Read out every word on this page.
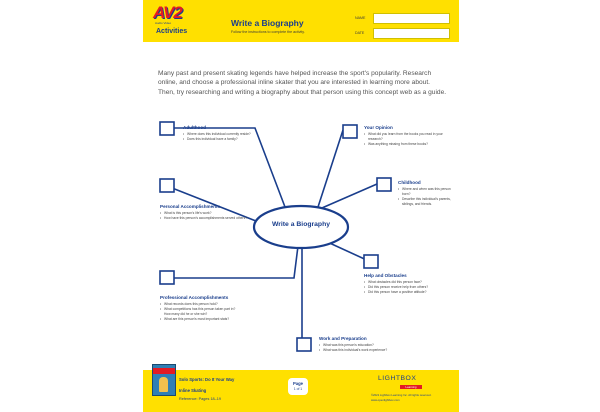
AV2
Audio Video
Activities
Write a Biography
Follow the instructions to complete the activity.
NAME
DATE
Many past and present skating legends have helped increase the sport's popularity. Research online, and choose a professional inline skater that you are interested in learning more about. Then, try researching and writing a biography about that person using this concept web as a guide.
Write a Biography
Adulthood
• Where does this individual currently reside?
• Does this individual have a family?
Your Opinion
• What did you learn from the books you read in your research?
• Was anything missing from these books?
Childhood
• Where and when was this person born?
• Describe this individual's parents, siblings, and friends.
Personal Accomplishments
• What is this person's life's work?
• How have this person's accomplishments served others?
Help and Obstacles
• What obstacles did this person face?
• Did this person receive help from others?
• Did this person have a positive attitude?
Professional Accomplishments
• What records does this person hold?
• What competitions has this person taken part in? How many did he or she win?
• What are this person's most important stats?
Work and Preparation
• What was this person's education?
• What was this individual's work experience?
Solo Sports: Do It Your Way
Inline Skating
Reference: Pages 18–19
Page
1 of 1
LIGHTBOX
Learning
©2021 Lightbox Learning Inc. All rights reserved.
www.openlightbox.com
